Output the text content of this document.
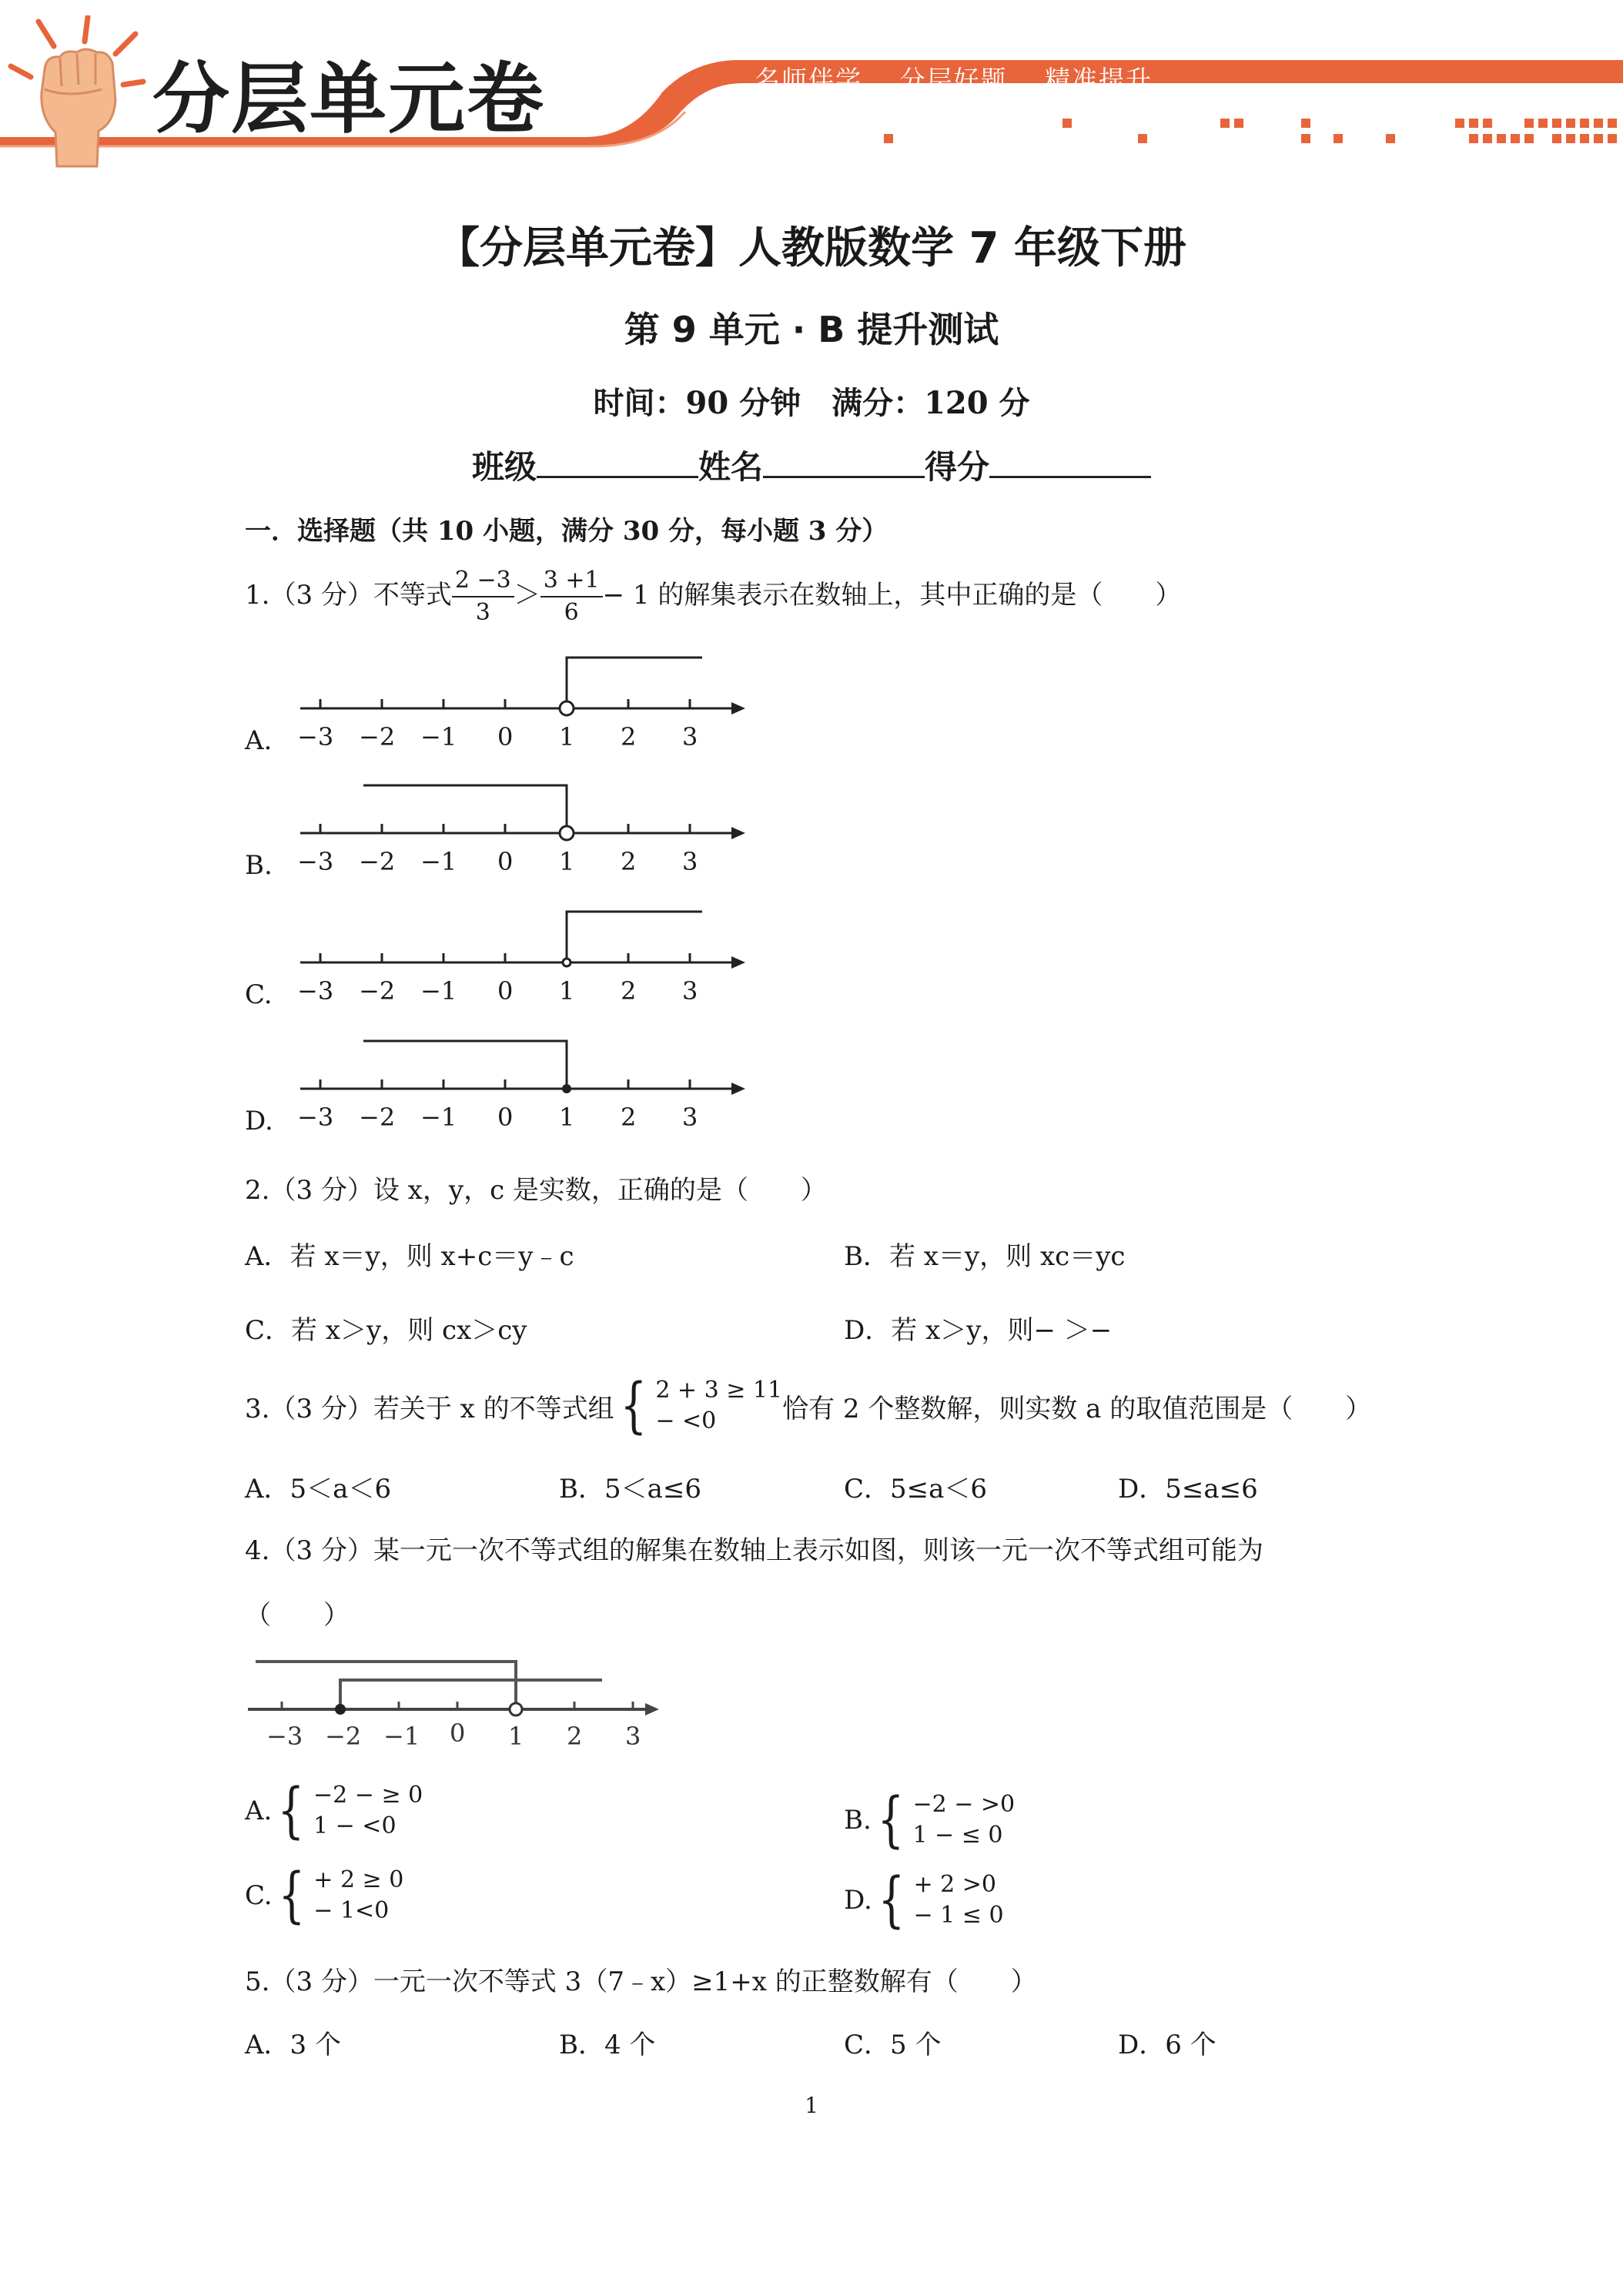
分层单元卷	名师伴学 分层好题 精准提升
【分层单元卷】人教版数学 7 年级下册
第 9 单元 · B 提升测试
时间：90 分钟　满分：120 分
班级	姓名	得分
一．选择题（共 10 小题，满分 30 分，每小题 3 分）
1.（3 分）不等式 $\frac{2 -3}{3} > \frac{3 +1}{6} - 1$ 的解集表示在数轴上，其中正确的是（　　）
A. −3 −2 −1 0 1 2 3
B. −3 −2 −1 0 1 2 3
C. −3 −2 −1 0 1 2 3
D. −3 −2 −1 0 1 2 3
2.（3 分）设 x，y，c 是实数，正确的是（　　）
A．若 x＝y，则 x+c＝y﹣c	B．若 x＝y，则 xc＝yc
C．若 x＞y，则 cx＞cy	D．若 x＞y，则− ＞−
3.（3 分）若关于 x 的不等式组 { 2 + 3 ≥ 11
− <0	恰有 2 个整数解，则实数 a 的取值范围是（　　）
A．5＜a＜6	B．5＜a≤6	C．5≤a＜6	D．5≤a≤6
4.（3 分）某一元一次不等式组的解集在数轴上表示如图，则该一元一次不等式组可能为
（　　）
−3 −2 −1 0 1 2 3
A. { −2 − ≥ 0
1 − <0	B. { −2 − >0
1 − ≤ 0
C. { + 2 ≥ 0
− 1<0	D. { + 2 >0
− 1 ≤ 0
5.（3 分）一元一次不等式 3（7﹣x）≥1+x 的正整数解有（　　）
A．3 个	B．4 个	C．5 个	D．6 个
1
